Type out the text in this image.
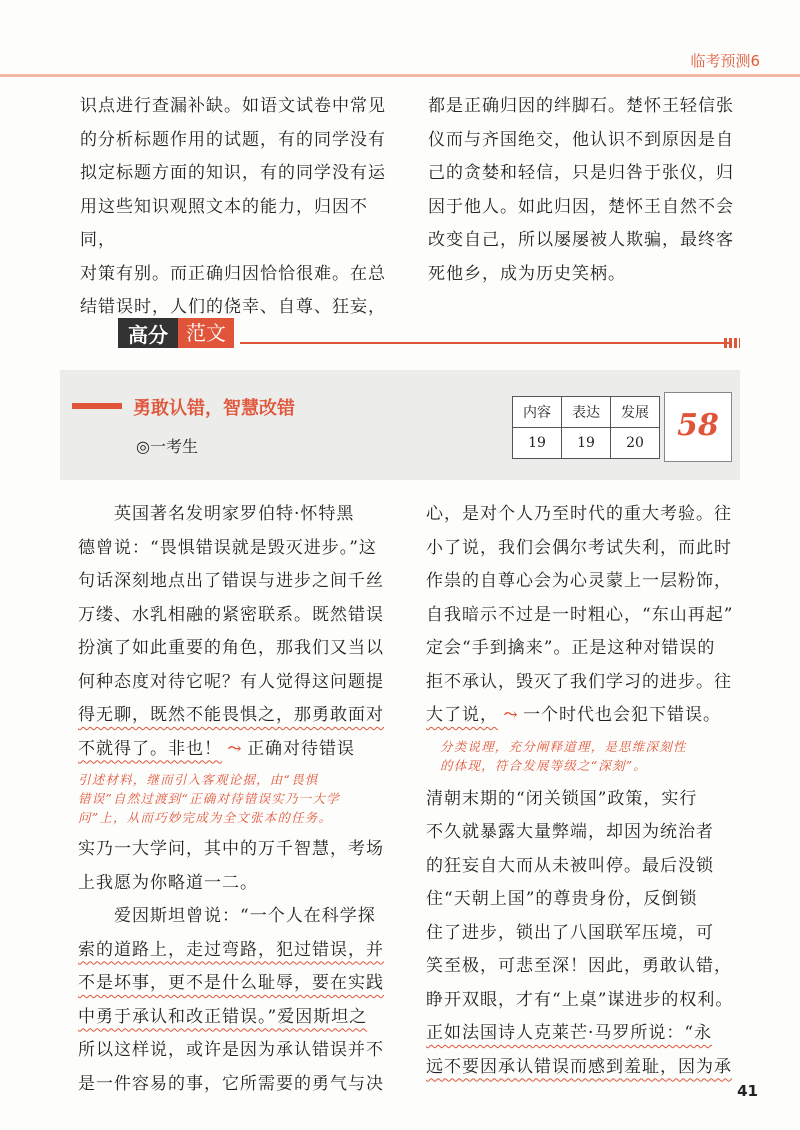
临考预测6

识点进行查漏补缺。如语文试卷中常见

的分析标题作用的试题，有的同学没有

拟定标题方面的知识，有的同学没有运

用这些知识观照文本的能力，归因不同，

对策有别。而正确归因恰恰很难。在总

结错误时，人们的侥幸、自尊、狂妄，

都是正确归因的绊脚石。楚怀王轻信张

仪而与齐国绝交，他认识不到原因是自

己的贪婪和轻信，只是归咎于张仪，归

因于他人。如此归因，楚怀王自然不会

改变自己，所以屡屡被人欺骗，最终客

死他乡，成为历史笑柄。

高分 范文
勇敢认错，智慧改错
◎一考生
内容	表达	发展
19	19	20	58

英国著名发明家罗伯特·怀特黑

德曾说：“畏惧错误就是毁灭进步。”这

句话深刻地点出了错误与进步之间千丝

万缕、水乳相融的紧密联系。既然错误

扮演了如此重要的角色，那我们又当以

何种态度对待它呢？有人觉得这问题提

得无聊，既然不能畏惧之，那勇敢面对

不就得了。非也！ ⤳ 正确对待错误

引述材料，继而引入客观论据，由“畏惧

错误”自然过渡到“正确对待错误实乃一大学

问”上，从而巧妙完成为全文张本的任务。

实乃一大学问，其中的万千智慧，考场

上我愿为你略道一二。

爱因斯坦曾说：“一个人在科学探

索的道路上，走过弯路，犯过错误，并

不是坏事，更不是什么耻辱，要在实践

中勇于承认和改正错误。”爱因斯坦之

所以这样说，或许是因为承认错误并不

是一件容易的事，它所需要的勇气与决

心，是对个人乃至时代的重大考验。往

小了说，我们会偶尔考试失利，而此时

作祟的自尊心会为心灵蒙上一层粉饰，

自我暗示不过是一时粗心，“东山再起”

定会“手到擒来”。正是这种对错误的

拒不承认，毁灭了我们学习的进步。往

大了说， ⤳ 一个时代也会犯下错误。

分类说理，充分阐释道理，是思维深刻性

的体现，符合发展等级之“深刻”。

清朝末期的“闭关锁国”政策，实行

不久就暴露大量弊端，却因为统治者

的狂妄自大而从未被叫停。最后没锁

住“天朝上国”的尊贵身份，反倒锁

住了进步，锁出了八国联军压境，可

笑至极，可悲至深！因此，勇敢认错，

睁开双眼，才有“上桌”谋进步的权利。

正如法国诗人克莱芒·马罗所说：“永

远不要因承认错误而感到羞耻，因为承

41
